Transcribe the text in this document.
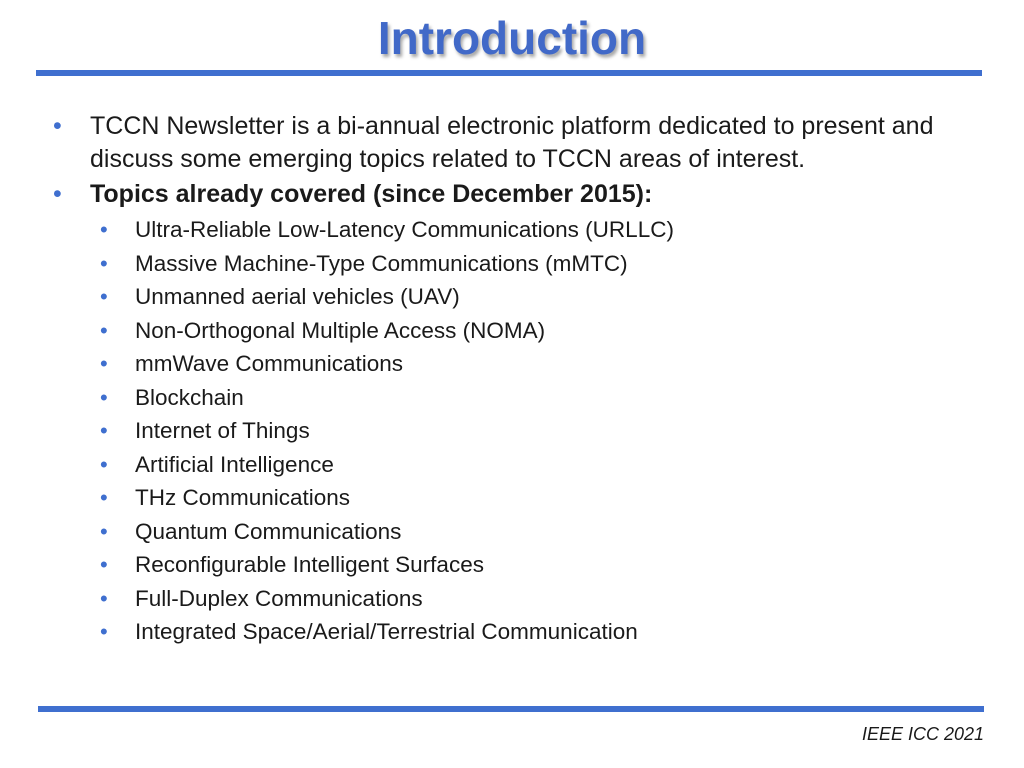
Introduction
• TCCN Newsletter is a bi-annual electronic platform dedicated to present and discuss some emerging topics related to TCCN areas of interest.
• Topics already covered (since December 2015):
• Ultra-Reliable Low-Latency Communications (URLLC)
• Massive Machine-Type Communications (mMTC)
• Unmanned aerial vehicles (UAV)
• Non-Orthogonal Multiple Access (NOMA)
• mmWave Communications
• Blockchain
• Internet of Things
• Artificial Intelligence
• THz Communications
• Quantum Communications
• Reconfigurable Intelligent Surfaces
• Full-Duplex Communications
• Integrated Space/Aerial/Terrestrial Communication
IEEE ICC 2021
